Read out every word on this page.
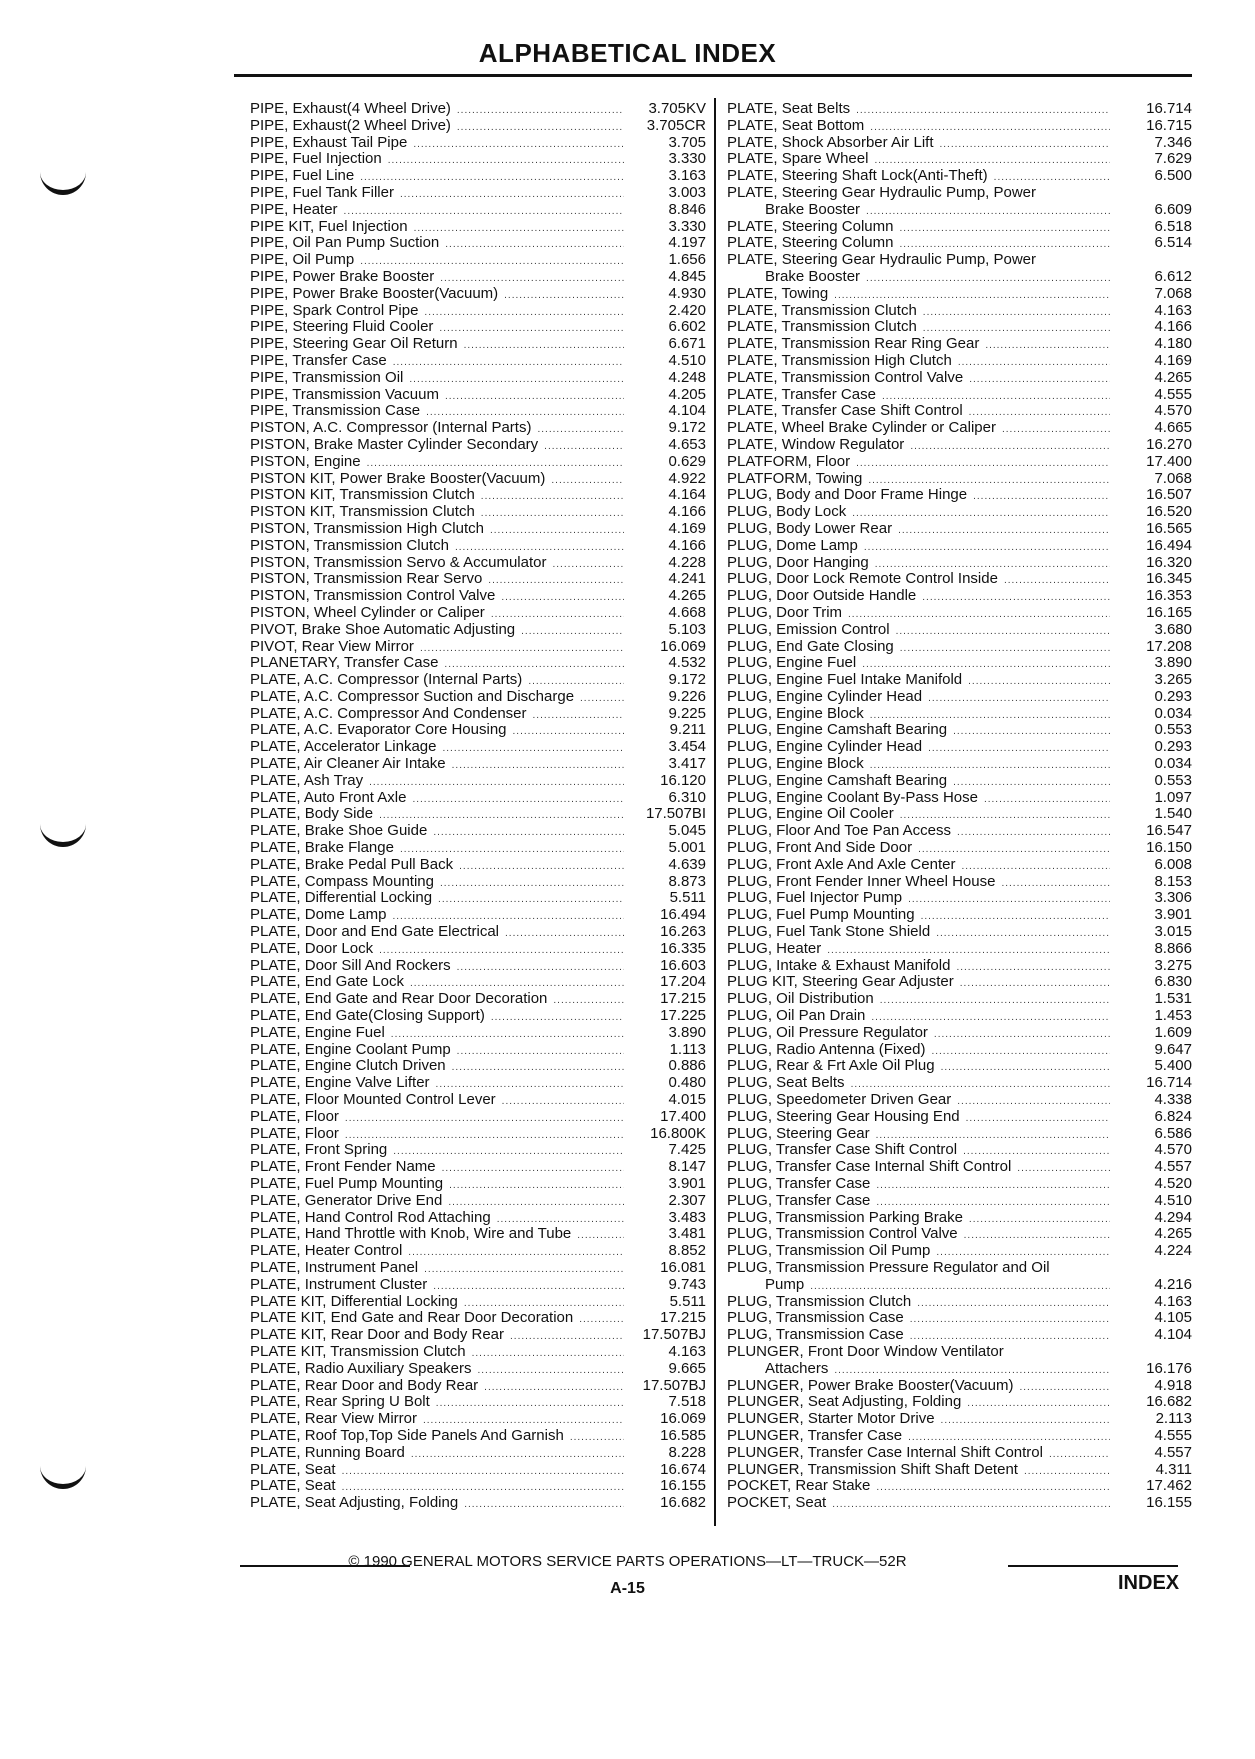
ALPHABETICAL INDEX
PIPE, Exhaust(4 Wheel Drive) .....	3.705KV
PIPE, Exhaust(2 Wheel Drive) .....	3.705CR
PIPE, Exhaust Tail Pipe .....	3.705
PIPE, Fuel Injection .....	3.330
PIPE, Fuel Line .....	3.163
PIPE, Fuel Tank Filler .....	3.003
PIPE, Heater .....	8.846
PIPE KIT, Fuel Injection .....	3.330
PIPE, Oil Pan Pump Suction .....	4.197
PIPE, Oil Pump .....	1.656
PIPE, Power Brake Booster .....	4.845
PIPE, Power Brake Booster(Vacuum) .....	4.930
PIPE, Spark Control Pipe .....	2.420
PIPE, Steering Fluid Cooler .....	6.602
PIPE, Steering Gear Oil Return .....	6.671
PIPE, Transfer Case .....	4.510
PIPE, Transmission Oil .....	4.248
PIPE, Transmission Vacuum .....	4.205
PIPE, Transmission Case .....	4.104
PISTON, A.C. Compressor (Internal Parts) .....	9.172
PISTON, Brake Master Cylinder Secondary .....	4.653
PISTON, Engine .....	0.629
PISTON KIT, Power Brake Booster(Vacuum) .....	4.922
PISTON KIT, Transmission Clutch .....	4.164
PISTON KIT, Transmission Clutch .....	4.166
PISTON, Transmission High Clutch .....	4.169
PISTON, Transmission Clutch .....	4.166
PISTON, Transmission Servo & Accumulator .....	4.228
PISTON, Transmission Rear Servo .....	4.241
PISTON, Transmission Control Valve .....	4.265
PISTON, Wheel Cylinder or Caliper .....	4.668
PIVOT, Brake Shoe Automatic Adjusting .....	5.103
PIVOT, Rear View Mirror .....	16.069
PLANETARY, Transfer Case .....	4.532
PLATE, A.C. Compressor (Internal Parts) .....	9.172
PLATE, A.C. Compressor Suction and Discharge .....	9.226
PLATE, A.C. Compressor And Condenser .....	9.225
PLATE, A.C. Evaporator Core Housing .....	9.211
PLATE, Accelerator Linkage .....	3.454
PLATE, Air Cleaner Air Intake .....	3.417
PLATE, Ash Tray .....	16.120
PLATE, Auto Front Axle .....	6.310
PLATE, Body Side .....	17.507BI
PLATE, Brake Shoe Guide .....	5.045
PLATE, Brake Flange .....	5.001
PLATE, Brake Pedal Pull Back .....	4.639
PLATE, Compass Mounting .....	8.873
PLATE, Differential Locking .....	5.511
PLATE, Dome Lamp .....	16.494
PLATE, Door and End Gate Electrical .....	16.263
PLATE, Door Lock .....	16.335
PLATE, Door Sill And Rockers .....	16.603
PLATE, End Gate Lock .....	17.204
PLATE, End Gate and Rear Door Decoration .....	17.215
PLATE, End Gate(Closing Support) .....	17.225
PLATE, Engine Fuel .....	3.890
PLATE, Engine Coolant Pump .....	1.113
PLATE, Engine Clutch Driven .....	0.886
PLATE, Engine Valve Lifter .....	0.480
PLATE, Floor Mounted Control Lever .....	4.015
PLATE, Floor .....	17.400
PLATE, Floor .....	16.800K
PLATE, Front Spring .....	7.425
PLATE, Front Fender Name .....	8.147
PLATE, Fuel Pump Mounting .....	3.901
PLATE, Generator Drive End .....	2.307
PLATE, Hand Control Rod Attaching .....	3.483
PLATE, Hand Throttle with Knob, Wire and Tube .....	3.481
PLATE, Heater Control .....	8.852
PLATE, Instrument Panel .....	16.081
PLATE, Instrument Cluster .....	9.743
PLATE KIT, Differential Locking .....	5.511
PLATE KIT, End Gate and Rear Door Decoration .....	17.215
PLATE KIT, Rear Door and Body Rear .....	17.507BJ
PLATE KIT, Transmission Clutch .....	4.163
PLATE, Radio Auxiliary Speakers .....	9.665
PLATE, Rear Door and Body Rear .....	17.507BJ
PLATE, Rear Spring U Bolt .....	7.518
PLATE, Rear View Mirror .....	16.069
PLATE, Roof Top,Top Side Panels And Garnish .....	16.585
PLATE, Running Board .....	8.228
PLATE, Seat .....	16.674
PLATE, Seat .....	16.155
PLATE, Seat Adjusting, Folding .....	16.682
PLATE, Seat Belts .....	16.714
PLATE, Seat Bottom .....	16.715
PLATE, Shock Absorber Air Lift .....	7.346
PLATE, Spare Wheel .....	7.629
PLATE, Steering Shaft Lock(Anti-Theft) .....	6.500
PLATE, Steering Gear Hydraulic Pump, Power
Brake Booster .....	6.609
PLATE, Steering Column .....	6.518
PLATE, Steering Column .....	6.514
PLATE, Steering Gear Hydraulic Pump, Power
Brake Booster .....	6.612
PLATE, Towing .....	7.068
PLATE, Transmission Clutch .....	4.163
PLATE, Transmission Clutch .....	4.166
PLATE, Transmission Rear Ring Gear .....	4.180
PLATE, Transmission High Clutch .....	4.169
PLATE, Transmission Control Valve .....	4.265
PLATE, Transfer Case .....	4.555
PLATE, Transfer Case Shift Control .....	4.570
PLATE, Wheel Brake Cylinder or Caliper .....	4.665
PLATE, Window Regulator .....	16.270
PLATFORM, Floor .....	17.400
PLATFORM, Towing .....	7.068
PLUG, Body and Door Frame Hinge .....	16.507
PLUG, Body Lock .....	16.520
PLUG, Body Lower Rear .....	16.565
PLUG, Dome Lamp .....	16.494
PLUG, Door Hanging .....	16.320
PLUG, Door Lock Remote Control Inside .....	16.345
PLUG, Door Outside Handle .....	16.353
PLUG, Door Trim .....	16.165
PLUG, Emission Control .....	3.680
PLUG, End Gate Closing .....	17.208
PLUG, Engine Fuel .....	3.890
PLUG, Engine Fuel Intake Manifold .....	3.265
PLUG, Engine Cylinder Head .....	0.293
PLUG, Engine Block .....	0.034
PLUG, Engine Camshaft Bearing .....	0.553
PLUG, Engine Cylinder Head .....	0.293
PLUG, Engine Block .....	0.034
PLUG, Engine Camshaft Bearing .....	0.553
PLUG, Engine Coolant By-Pass Hose .....	1.097
PLUG, Engine Oil Cooler .....	1.540
PLUG, Floor And Toe Pan Access .....	16.547
PLUG, Front And Side Door .....	16.150
PLUG, Front Axle And Axle Center .....	6.008
PLUG, Front Fender Inner Wheel House .....	8.153
PLUG, Fuel Injector Pump .....	3.306
PLUG, Fuel Pump Mounting .....	3.901
PLUG, Fuel Tank Stone Shield .....	3.015
PLUG, Heater .....	8.866
PLUG, Intake & Exhaust Manifold .....	3.275
PLUG KIT, Steering Gear Adjuster .....	6.830
PLUG, Oil Distribution .....	1.531
PLUG, Oil Pan Drain .....	1.453
PLUG, Oil Pressure Regulator .....	1.609
PLUG, Radio Antenna (Fixed) .....	9.647
PLUG, Rear & Frt Axle Oil Plug .....	5.400
PLUG, Seat Belts .....	16.714
PLUG, Speedometer Driven Gear .....	4.338
PLUG, Steering Gear Housing End .....	6.824
PLUG, Steering Gear .....	6.586
PLUG, Transfer Case Shift Control .....	4.570
PLUG, Transfer Case Internal Shift Control .....	4.557
PLUG, Transfer Case .....	4.520
PLUG, Transfer Case .....	4.510
PLUG, Transmission Parking Brake .....	4.294
PLUG, Transmission Control Valve .....	4.265
PLUG, Transmission Oil Pump .....	4.224
PLUG, Transmission Pressure Regulator and Oil
Pump .....	4.216
PLUG, Transmission Clutch .....	4.163
PLUG, Transmission Case .....	4.105
PLUG, Transmission Case .....	4.104
PLUNGER, Front Door Window Ventilator
Attachers .....	16.176
PLUNGER, Power Brake Booster(Vacuum) .....	4.918
PLUNGER, Seat Adjusting, Folding .....	16.682
PLUNGER, Starter Motor Drive .....	2.113
PLUNGER, Transfer Case .....	4.555
PLUNGER, Transfer Case Internal Shift Control .....	4.557
PLUNGER, Transmission Shift Shaft Detent .....	4.311
POCKET, Rear Stake .....	17.462
POCKET, Seat .....	16.155
© 1990 GENERAL MOTORS SERVICE PARTS OPERATIONS—LT—TRUCK—52R
A-15	INDEX
